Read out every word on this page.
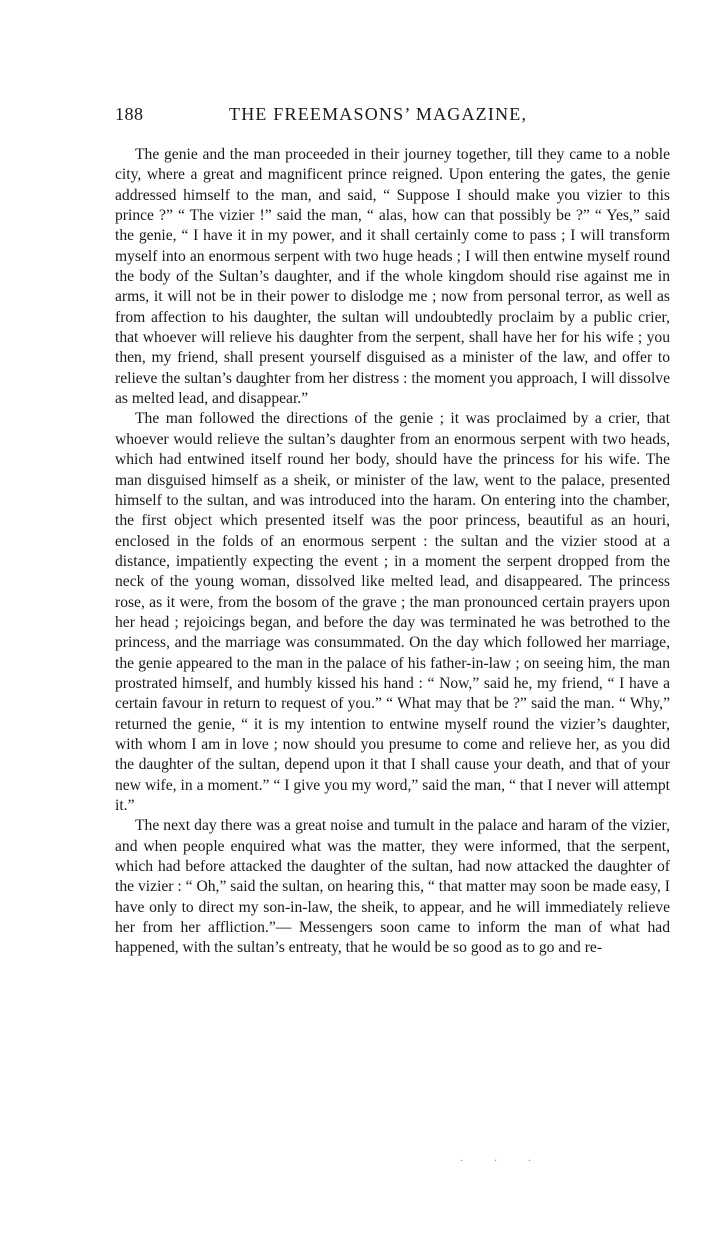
188	THE FREEMASONS’ MAGAZINE,

The genie and the man proceeded in their journey together, till they came to a noble city, where a great and magnificent prince reigned. Upon entering the gates, the genie addressed himself to the man, and said, “ Suppose I should make you vizier to this prince ?” “ The vizier !” said the man, “ alas, how can that possibly be ?” “ Yes,” said the genie, “ I have it in my power, and it shall certainly come to pass ; I will transform myself into an enormous serpent with two huge heads ; I will then entwine myself round the body of the Sultan’s daughter, and if the whole kingdom should rise against me in arms, it will not be in their power to dislodge me ; now from personal terror, as well as from affection to his daughter, the sultan will undoubtedly proclaim by a public crier, that whoever will relieve his daughter from the serpent, shall have her for his wife ; you then, my friend, shall present yourself disguised as a minister of the law, and offer to relieve the sultan’s daughter from her distress : the moment you approach, I will dissolve as melted lead, and disappear.”

The man followed the directions of the genie ; it was proclaimed by a crier, that whoever would relieve the sultan’s daughter from an enormous serpent with two heads, which had entwined itself round her body, should have the princess for his wife. The man disguised himself as a sheik, or minister of the law, went to the palace, presented himself to the sultan, and was introduced into the haram. On entering into the chamber, the first object which presented itself was the poor princess, beautiful as an houri, enclosed in the folds of an enormous serpent : the sultan and the vizier stood at a distance, impatiently expecting the event ; in a moment the serpent dropped from the neck of the young woman, dissolved like melted lead, and disappeared. The princess rose, as it were, from the bosom of the grave ; the man pronounced certain prayers upon her head ; rejoicings began, and before the day was terminated he was betrothed to the princess, and the marriage was consummated. On the day which followed her marriage, the genie appeared to the man in the palace of his father-in-law ; on seeing him, the man prostrated himself, and humbly kissed his hand : “ Now,” said he, my friend, “ I have a certain favour in return to request of you.” “ What may that be ?” said the man. “ Why,” returned the genie, “ it is my intention to entwine myself round the vizier’s daughter, with whom I am in love ; now should you presume to come and relieve her, as you did the daughter of the sultan, depend upon it that I shall cause your death, and that of your new wife, in a moment.” “ I give you my word,” said the man, “ that I never will attempt it.”

The next day there was a great noise and tumult in the palace and haram of the vizier, and when people enquired what was the matter, they were informed, that the serpent, which had before attacked the daughter of the sultan, had now attacked the daughter of the vizier : “ Oh,” said the sultan, on hearing this, “ that matter may soon be made easy, I have only to direct my son-in-law, the sheik, to appear, and he will immediately relieve her from her affliction.”— Messengers soon came to inform the man of what had happened, with the sultan’s entreaty, that he would be so good as to go and re-

. . .
